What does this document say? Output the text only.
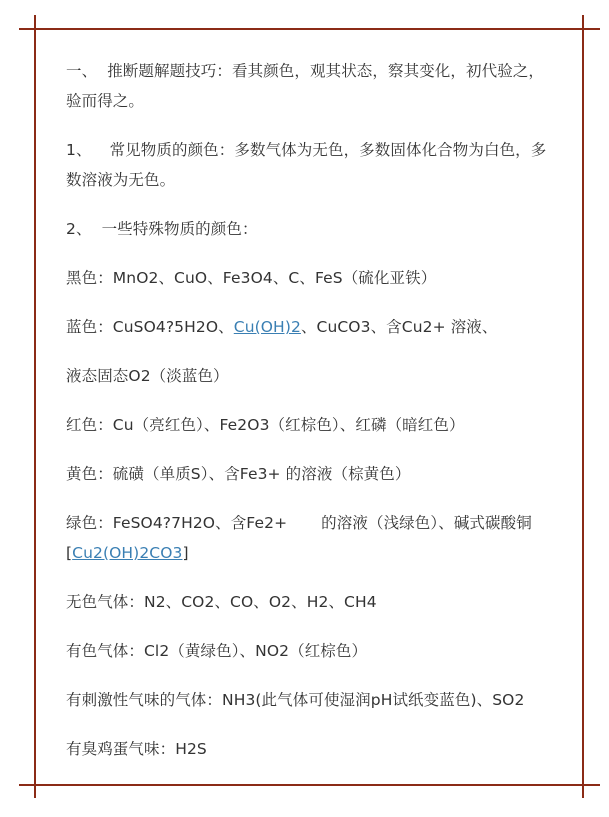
一、 推断题解题技巧：看其颜色，观其状态，察其变化，初代验之，验而得之。

1、 常见物质的颜色：多数气体为无色，多数固体化合物为白色，多数溶液为无色。

2、 一些特殊物质的颜色：

黑色：MnO2、CuO、Fe3O4、C、FeS（硫化亚铁）

蓝色：CuSO4?5H2O、Cu(OH)2、CuCO3、含Cu2+ 溶液、

液态固态O2（淡蓝色）

红色：Cu（亮红色）、Fe2O3（红棕色）、红磷（暗红色）

黄色：硫磺（单质S）、含Fe3+ 的溶液（棕黄色）

绿色：FeSO4?7H2O、含Fe2+ 的溶液（浅绿色）、碱式碳酸铜
[Cu2(OH)2CO3]

无色气体：N2、CO2、CO、O2、H2、CH4

有色气体：Cl2（黄绿色）、NO2（红棕色）

有刺激性气味的气体：NH3(此气体可使湿润pH试纸变蓝色)、SO2

有臭鸡蛋气味：H2S
